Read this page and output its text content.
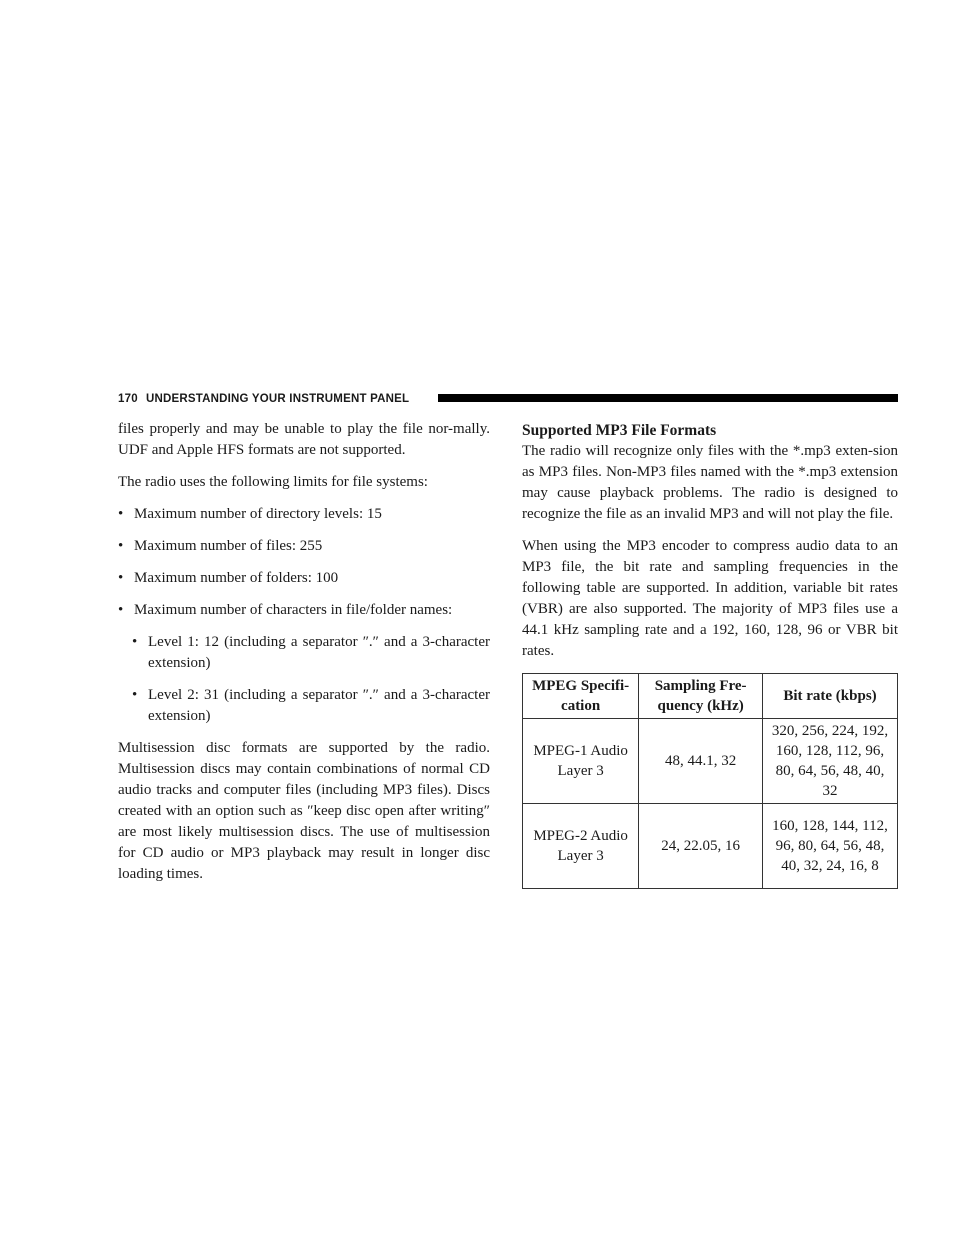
170 UNDERSTANDING YOUR INSTRUMENT PANEL

files properly and may be unable to play the file nor-mally. UDF and Apple HFS formats are not supported.

The radio uses the following limits for file systems:

• Maximum number of directory levels: 15
• Maximum number of files: 255
• Maximum number of folders: 100
• Maximum number of characters in file/folder names:
• Level 1: 12 (including a separator ″.″ and a 3-character extension)
• Level 2: 31 (including a separator ″.″ and a 3-character extension)

Multisession disc formats are supported by the radio. Multisession discs may contain combinations of normal CD audio tracks and computer files (including MP3 files). Discs created with an option such as ″keep disc open after writing″ are most likely multisession discs. The use of multisession for CD audio or MP3 playback may result in longer disc loading times.

Supported MP3 File Formats

The radio will recognize only files with the *.mp3 exten-sion as MP3 files. Non-MP3 files named with the *.mp3 extension may cause playback problems. The radio is designed to recognize the file as an invalid MP3 and will not play the file.

When using the MP3 encoder to compress audio data to an MP3 file, the bit rate and sampling frequencies in the following table are supported. In addition, variable bit rates (VBR) are also supported. The majority of MP3 files use a 44.1 kHz sampling rate and a 192, 160, 128, 96 or VBR bit rates.

MPEG Specifi-cation	Sampling Fre-quency (kHz)	Bit rate (kbps)
MPEG-1 Audio Layer 3	48, 44.1, 32	320, 256, 224, 192, 160, 128, 112, 96, 80, 64, 56, 48, 40, 32
MPEG-2 Audio Layer 3	24, 22.05, 16	160, 128, 144, 112, 96, 80, 64, 56, 48, 40, 32, 24, 16, 8
